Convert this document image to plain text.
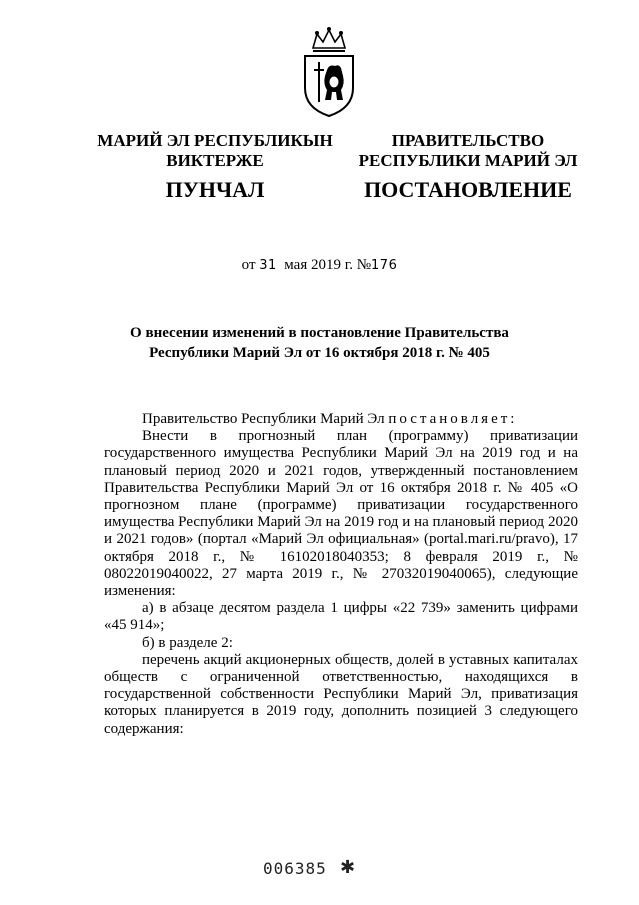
МАРИЙ ЭЛ РЕСПУБЛИКЫН
ВИКТЕРЖЕ
ПУНЧАЛ
ПРАВИТЕЛЬСТВО
РЕСПУБЛИКИ МАРИЙ ЭЛ
ПОСТАНОВЛЕНИЕ
от 31 мая 2019 г. №176
О внесении изменений в постановление Правительства
Республики Марий Эл от 16 октября 2018 г. № 405

Правительство Республики Марий Эл постановляет:

Внести в прогнозный план (программу) приватизации государственного имущества Республики Марий Эл на 2019 год и на плановый период 2020 и 2021 годов, утвержденный постановлением Правительства Республики Марий Эл от 16 октября 2018 г. № 405 «О прогнозном плане (программе) приватизации государственного имущества Республики Марий Эл на 2019 год и на плановый период 2020 и 2021 годов» (портал «Марий Эл официальная» (portal.mari.ru/pravo), 17 октября 2018 г., № 16102018040353; 8 февраля 2019 г., № 08022019040022, 27 марта 2019 г., № 27032019040065), следующие изменения:

а) в абзаце десятом раздела 1 цифры «22 739» заменить цифрами «45 914»;

б) в разделе 2:

перечень акций акционерных обществ, долей в уставных капиталах обществ с ограниченной ответственностью, находящихся в государственной собственности Республики Марий Эл, приватизация которых планируется в 2019 году, дополнить позицией 3 следующего содержания:

006385 ✱
